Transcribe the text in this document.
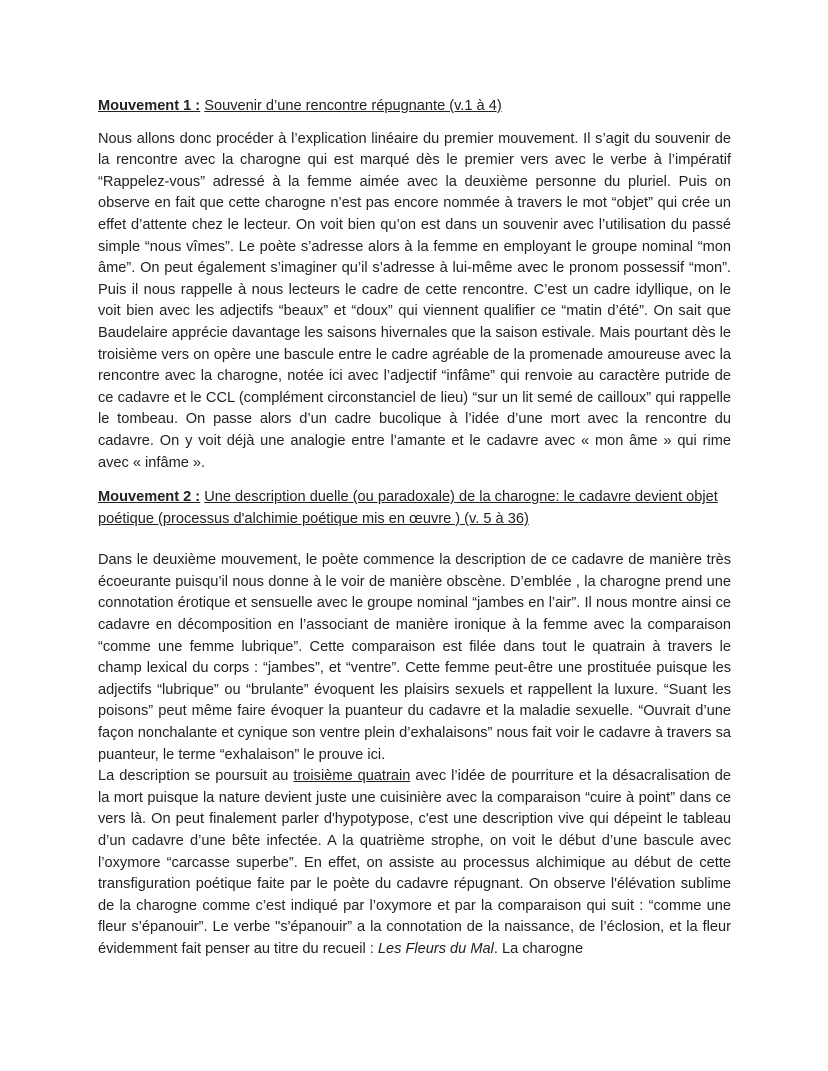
Mouvement 1 : Souvenir d’une rencontre répugnante (v.1 à 4)

Nous allons donc procéder à l’explication linéaire du premier mouvement. Il s’agit du souvenir de la rencontre avec la charogne qui est marqué dès le premier vers avec le verbe à l’impératif “Rappelez-vous” adressé à la femme aimée avec la deuxième personne du pluriel. Puis on observe en fait que cette charogne n’est pas encore nommée à travers le mot “objet” qui crée un effet d’attente chez le lecteur. On voit bien qu’on est dans un souvenir avec l’utilisation du passé simple “nous vîmes”. Le poète s’adresse alors à la femme en employant le groupe nominal “mon âme”. On peut également s’imaginer qu’il s’adresse à lui-même avec le pronom possessif “mon”. Puis il nous rappelle à nous lecteurs le cadre de cette rencontre. C’est un cadre idyllique, on le voit bien avec les adjectifs “beaux” et “doux” qui viennent qualifier ce “matin d’été”. On sait que Baudelaire apprécie davantage les saisons hivernales que la saison estivale. Mais pourtant dès le troisième vers on opère une bascule entre le cadre agréable de la promenade amoureuse avec la rencontre avec la charogne, notée ici avec l’adjectif “infâme” qui renvoie au caractère putride de ce cadavre et le CCL (complément circonstanciel de lieu) “sur un lit semé de cailloux” qui rappelle le tombeau. On passe alors d’un cadre bucolique à l’idée d’une mort avec la rencontre du cadavre. On y voit déjà une analogie entre l’amante et le cadavre avec « mon âme » qui rime avec « infâme ».

Mouvement 2 : Une description duelle (ou paradoxale) de la charogne: le cadavre devient objet poétique (processus d'alchimie poétique mis en œuvre ) (v. 5 à 36)

Dans le deuxième mouvement, le poète commence la description de ce cadavre de manière très écoeurante puisqu’il nous donne à le voir de manière obscène. D’emblée , la charogne prend une connotation érotique et sensuelle avec le groupe nominal “jambes en l’air”. Il nous montre ainsi ce cadavre en décomposition en l’associant de manière ironique à la femme avec la comparaison “comme une femme lubrique”. Cette comparaison est filée dans tout le quatrain à travers le champ lexical du corps : “jambes”, et “ventre”. Cette femme peut-être une prostituée puisque les adjectifs “lubrique” ou “brulante” évoquent les plaisirs sexuels et rappellent la luxure. “Suant les poisons” peut même faire évoquer la puanteur du cadavre et la maladie sexuelle. “Ouvrait d’une façon nonchalante et cynique son ventre plein d’exhalaisons” nous fait voir le cadavre à travers sa puanteur, le terme “exhalaison” le prouve ici.

La description se poursuit au troisième quatrain avec l’idée de pourriture et la désacralisation de la mort puisque la nature devient juste une cuisinière avec la comparaison “cuire à point” dans ce vers là. On peut finalement parler d'hypotypose, c'est une description vive qui dépeint le tableau d’un cadavre d’une bête infectée. A la quatrième strophe, on voit le début d’une bascule avec l’oxymore “carcasse superbe”. En effet, on assiste au processus alchimique au début de cette transfiguration poétique faite par le poète du cadavre répugnant. On observe l'élévation sublime de la charogne comme c’est indiqué par l’oxymore et par la comparaison qui suit : “comme une fleur s’épanouir”. Le verbe "s'épanouir” a la connotation de la naissance, de l’éclosion, et la fleur évidemment fait penser au titre du recueil : Les Fleurs du Mal. La charogne
